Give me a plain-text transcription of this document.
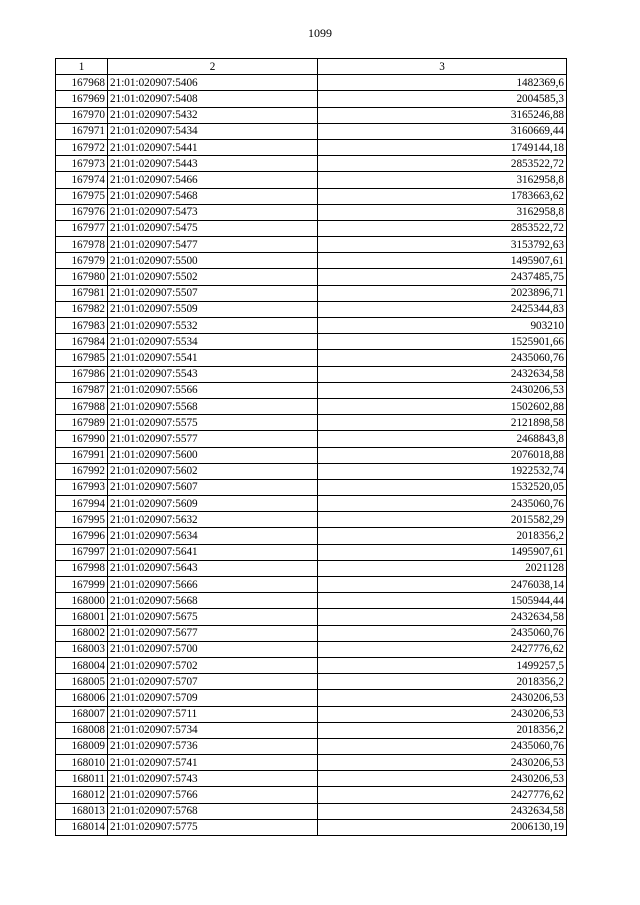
1099
1	2	3
167968	21:01:020907:5406	1482369,6
167969	21:01:020907:5408	2004585,3
167970	21:01:020907:5432	3165246,88
167971	21:01:020907:5434	3160669,44
167972	21:01:020907:5441	1749144,18
167973	21:01:020907:5443	2853522,72
167974	21:01:020907:5466	3162958,8
167975	21:01:020907:5468	1783663,62
167976	21:01:020907:5473	3162958,8
167977	21:01:020907:5475	2853522,72
167978	21:01:020907:5477	3153792,63
167979	21:01:020907:5500	1495907,61
167980	21:01:020907:5502	2437485,75
167981	21:01:020907:5507	2023896,71
167982	21:01:020907:5509	2425344,83
167983	21:01:020907:5532	903210
167984	21:01:020907:5534	1525901,66
167985	21:01:020907:5541	2435060,76
167986	21:01:020907:5543	2432634,58
167987	21:01:020907:5566	2430206,53
167988	21:01:020907:5568	1502602,88
167989	21:01:020907:5575	2121898,58
167990	21:01:020907:5577	2468843,8
167991	21:01:020907:5600	2076018,88
167992	21:01:020907:5602	1922532,74
167993	21:01:020907:5607	1532520,05
167994	21:01:020907:5609	2435060,76
167995	21:01:020907:5632	2015582,29
167996	21:01:020907:5634	2018356,2
167997	21:01:020907:5641	1495907,61
167998	21:01:020907:5643	2021128
167999	21:01:020907:5666	2476038,14
168000	21:01:020907:5668	1505944,44
168001	21:01:020907:5675	2432634,58
168002	21:01:020907:5677	2435060,76
168003	21:01:020907:5700	2427776,62
168004	21:01:020907:5702	1499257,5
168005	21:01:020907:5707	2018356,2
168006	21:01:020907:5709	2430206,53
168007	21:01:020907:5711	2430206,53
168008	21:01:020907:5734	2018356,2
168009	21:01:020907:5736	2435060,76
168010	21:01:020907:5741	2430206,53
168011	21:01:020907:5743	2430206,53
168012	21:01:020907:5766	2427776,62
168013	21:01:020907:5768	2432634,58
168014	21:01:020907:5775	2006130,19
